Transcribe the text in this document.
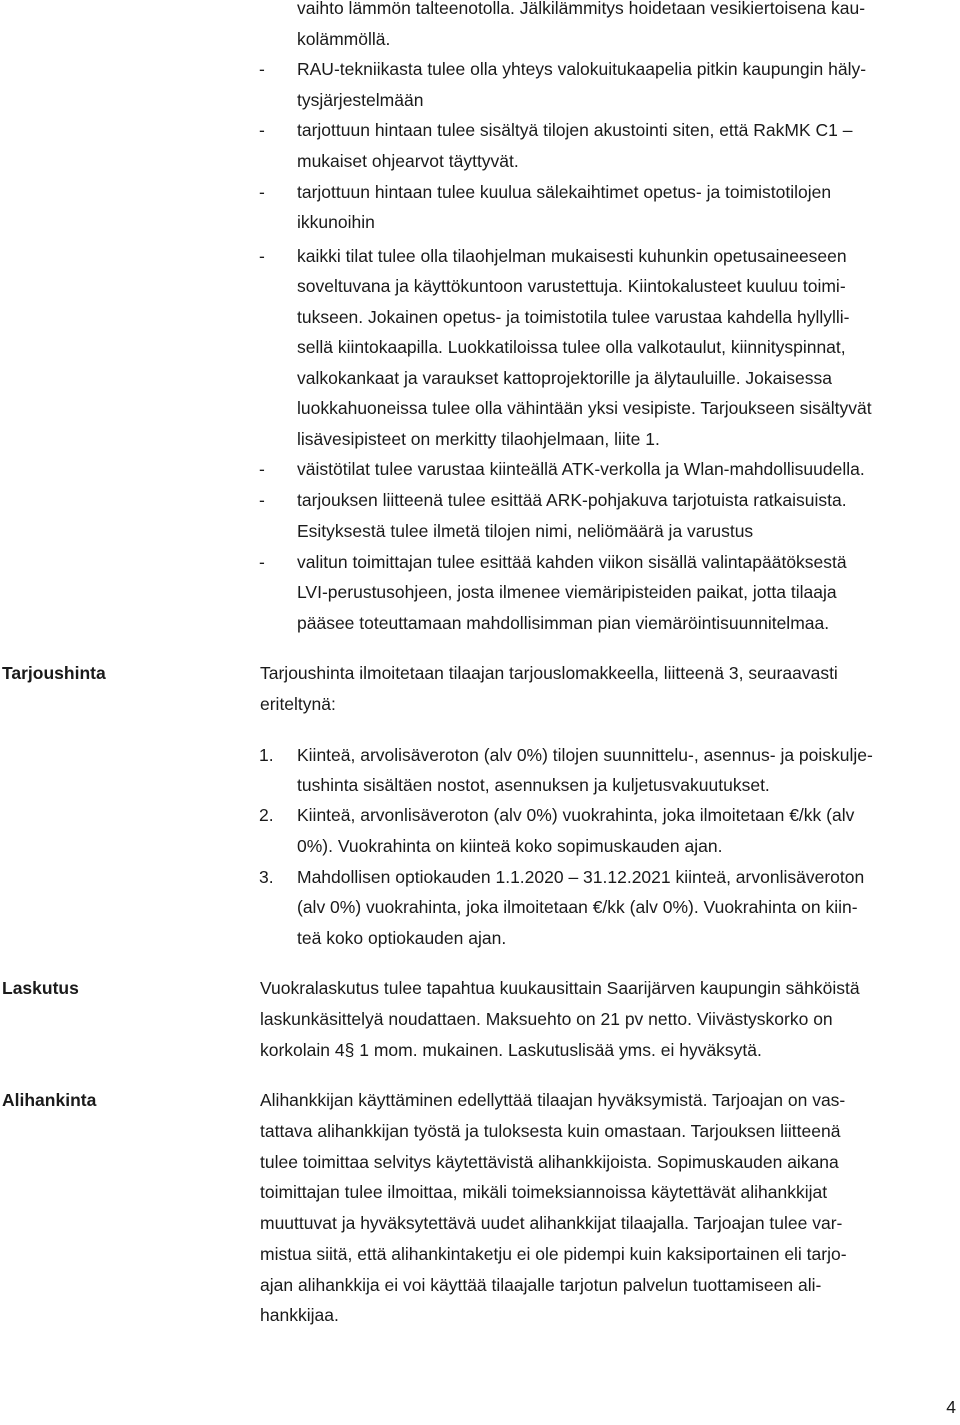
vaihto lämmön talteenotolla. Jälkilämmitys hoidetaan vesikiertoisena kau-
kolämmöllä.
- RAU-tekniikasta tulee olla yhteys valokuitukaapelia pitkin kaupungin häly-
tysjärjestelmään
- tarjottuun hintaan tulee sisältyä tilojen akustointi siten, että RakMK C1 –
mukaiset ohjearvot täyttyvät.
- tarjottuun hintaan tulee kuulua sälekaihtimet opetus- ja toimistotilojen
ikkunoihin
- kaikki tilat tulee olla tilaohjelman mukaisesti kuhunkin opetusaineeseen
soveltuvana ja käyttökuntoon varustettuja. Kiintokalusteet kuuluu toimi-
tukseen. Jokainen opetus- ja toimistotila tulee varustaa kahdella hyllylli-
sellä kiintokaapilla. Luokkatiloissa tulee olla valkotaulut, kiinnityspinnat,
valkokankaat ja varaukset kattoprojektorille ja älytauluille. Jokaisessa
luokkahuoneissa tulee olla vähintään yksi vesipiste. Tarjoukseen sisältyvät
lisävesipisteet on merkitty tilaohjelmaan, liite 1.
- väistötilat tulee varustaa kiinteällä ATK-verkolla ja Wlan-mahdollisuudella.
- tarjouksen liitteenä tulee esittää ARK-pohjakuva tarjotuista ratkaisuista.
Esityksestä tulee ilmetä tilojen nimi, neliömäärä ja varustus
- valitun toimittajan tulee esittää kahden viikon sisällä valintapäätöksestä
LVI-perustusohjeen, josta ilmenee viemäripisteiden paikat, jotta tilaaja
pääsee toteuttamaan mahdollisimman pian viemäröintisuunnitelmaa.
Tarjoushinta	Tarjoushinta ilmoitetaan tilaajan tarjouslomakkeella, liitteenä 3, seuraavasti
eriteltynä:
1. Kiinteä, arvolisäveroton (alv 0%) tilojen suunnittelu-, asennus- ja poiskulje-
tushinta sisältäen nostot, asennuksen ja kuljetusvakuutukset.
2. Kiinteä, arvonlisäveroton (alv 0%) vuokrahinta, joka ilmoitetaan €/kk (alv
0%). Vuokrahinta on kiinteä koko sopimuskauden ajan.
3. Mahdollisen optiokauden 1.1.2020 – 31.12.2021 kiinteä, arvonlisäveroton
(alv 0%) vuokrahinta, joka ilmoitetaan €/kk (alv 0%). Vuokrahinta on kiin-
teä koko optiokauden ajan.
Laskutus	Vuokralaskutus tulee tapahtua kuukausittain Saarijärven kaupungin sähköistä
laskunkäsittelyä noudattaen. Maksuehto on 21 pv netto. Viivästyskorko on
korkolain 4§ 1 mom. mukainen. Laskutuslisää yms. ei hyväksytä.
Alihankinta	Alihankkijan käyttäminen edellyttää tilaajan hyväksymistä. Tarjoajan on vas-
tattava alihankkijan työstä ja tuloksesta kuin omastaan. Tarjouksen liitteenä
tulee toimittaa selvitys käytettävistä alihankkijoista. Sopimuskauden aikana
toimittajan tulee ilmoittaa, mikäli toimeksiannoissa käytettävät alihankkijat
muuttuvat ja hyväksytettävä uudet alihankkijat tilaajalla. Tarjoajan tulee var-
mistua siitä, että alihankintaketju ei ole pidempi kuin kaksiportainen eli tarjo-
ajan alihankkija ei voi käyttää tilaajalle tarjotun palvelun tuottamiseen ali-
hankkijaa.
4
